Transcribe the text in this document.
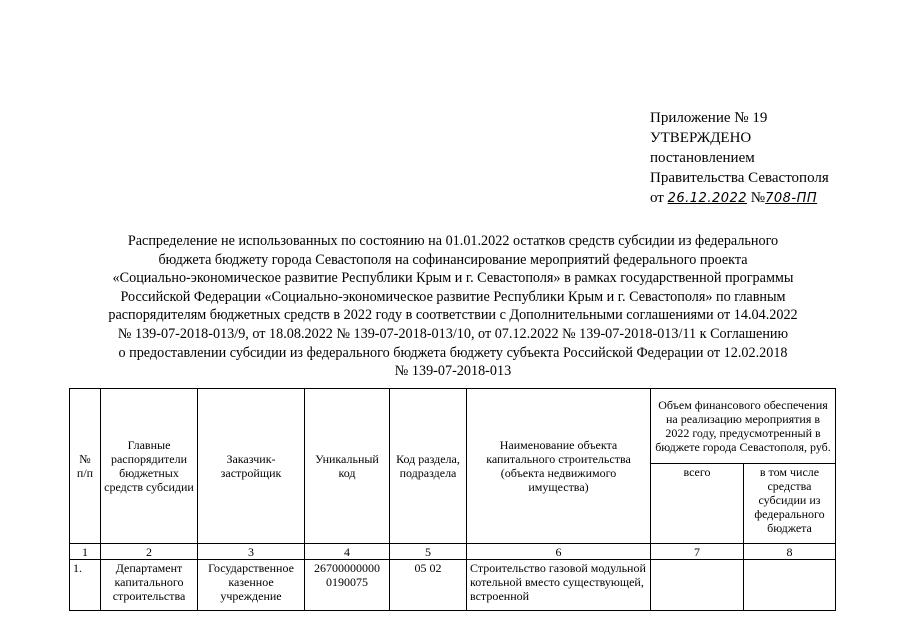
Приложение № 19
УТВЕРЖДЕНО
постановлением
Правительства Севастополя
от 26.12.2022 №708-ПП
Распределение не использованных по состоянию на 01.01.2022 остатков средств субсидии из федерального
бюджета бюджету города Севастополя на софинансирование мероприятий федерального проекта
«Социально-экономическое развитие Республики Крым и г. Севастополя» в рамках государственной программы
Российской Федерации «Социально-экономическое развитие Республики Крым и г. Севастополя» по главным
распорядителям бюджетных средств в 2022 году в соответствии с Дополнительными соглашениями от 14.04.2022
№ 139-07-2018-013/9, от 18.08.2022 № 139-07-2018-013/10, от 07.12.2022 № 139-07-2018-013/11 к Соглашению
о предоставлении субсидии из федерального бюджета бюджету субъекта Российской Федерации от 12.02.2018
№ 139-07-2018-013
№ п/п	Главные распорядители бюджетных средств субсидии	Заказчик-застройщик	Уникальный код	Код раздела, подраздела	Наименование объекта капитального строительства (объекта недвижимого имущества)	Объем финансового обеспечения на реализацию мероприятия в 2022 году, предусмотренный в бюджете города Севастополя, руб.	
						всего	в том числе средства субсидии из федерального бюджета
1	2	3	4	5	6	7	8
1.	Департамент капитального строительства	Государственное казенное учреждение	26700000000 0190075	05 02	Строительство газовой модульной котельной вместо существующей, встроенной		
